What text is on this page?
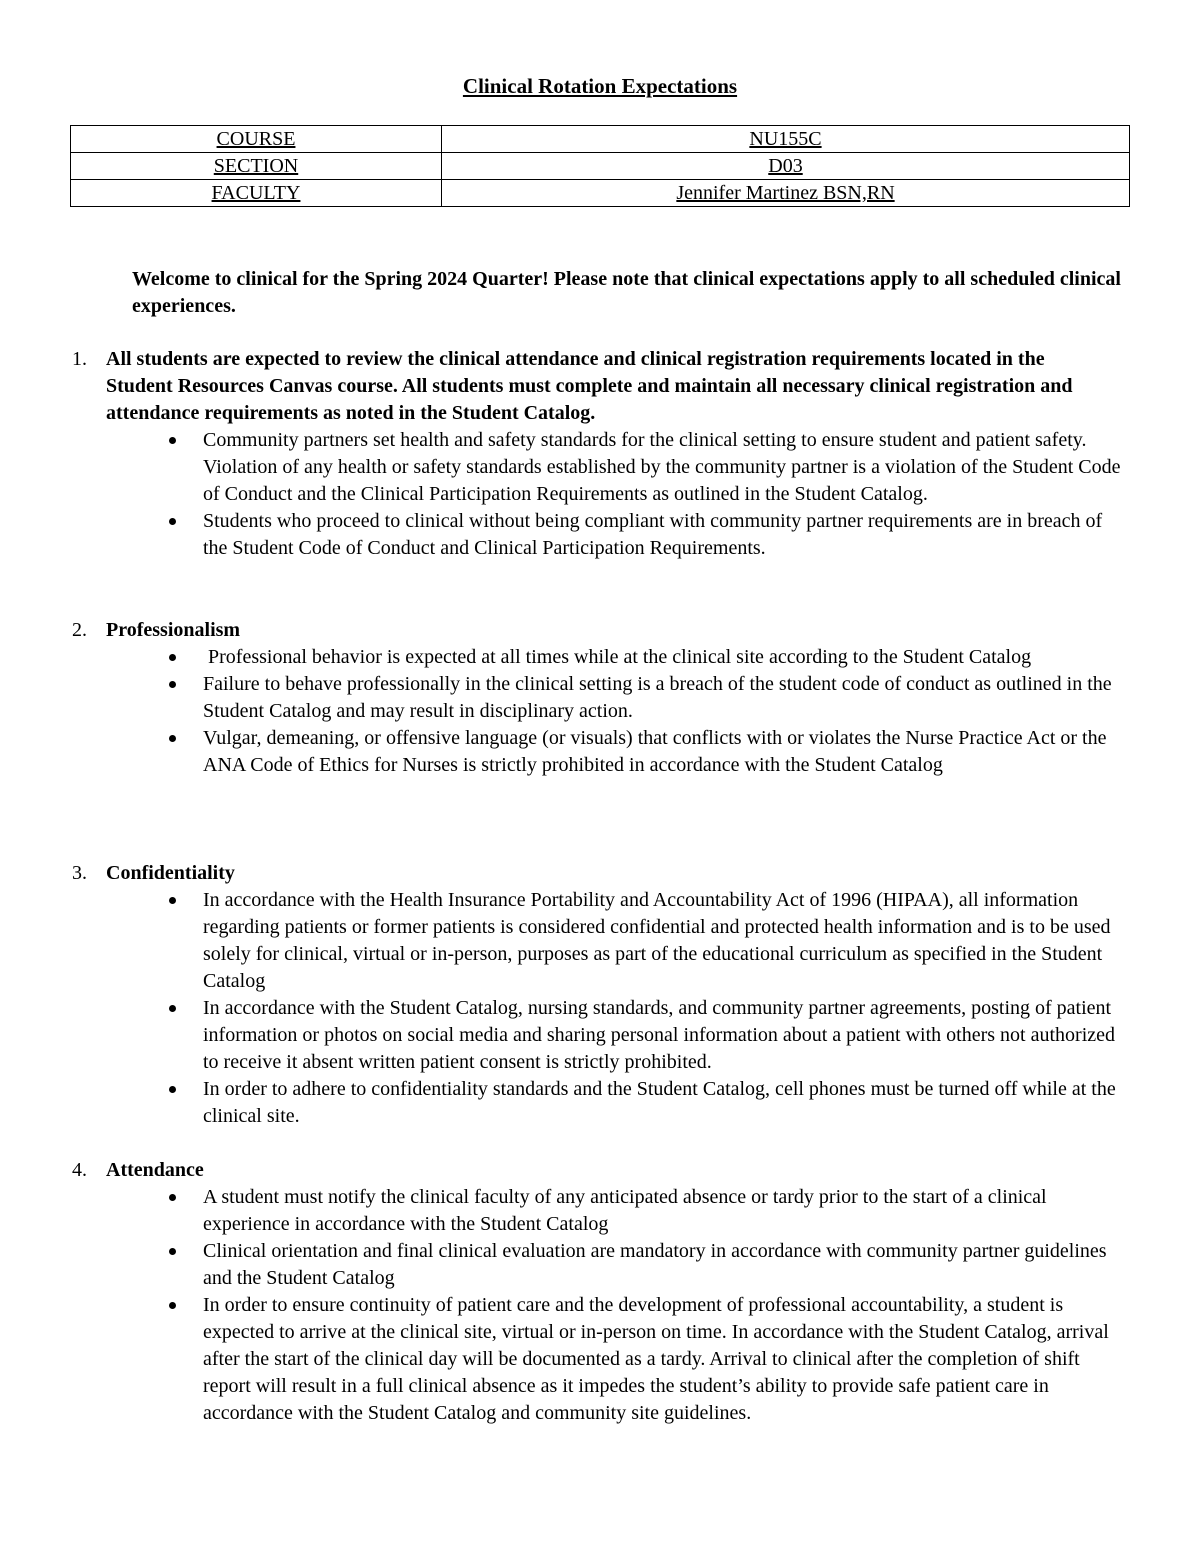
Clinical Rotation Expectations
COURSE	NU155C
SECTION	D03
FACULTY	Jennifer Martinez BSN,RN

Welcome to clinical for the Spring 2024 Quarter! Please note that clinical expectations apply to all scheduled clinical experiences.

1. All students are expected to review the clinical attendance and clinical registration requirements located in the Student Resources Canvas course. All students must complete and maintain all necessary clinical registration and attendance requirements as noted in the Student Catalog.

Community partners set health and safety standards for the clinical setting to ensure student and patient safety. Violation of any health or safety standards established by the community partner is a violation of the Student Code of Conduct and the Clinical Participation Requirements as outlined in the Student Catalog.
Students who proceed to clinical without being compliant with community partner requirements are in breach of the Student Code of Conduct and Clinical Participation Requirements.
2. Professionalism

Professional behavior is expected at all times while at the clinical site according to the Student Catalog
Failure to behave professionally in the clinical setting is a breach of the student code of conduct as outlined in the Student Catalog and may result in disciplinary action.
Vulgar, demeaning, or offensive language (or visuals) that conflicts with or violates the Nurse Practice Act or the ANA Code of Ethics for Nurses is strictly prohibited in accordance with the Student Catalog
3. Confidentiality

In accordance with the Health Insurance Portability and Accountability Act of 1996 (HIPAA), all information regarding patients or former patients is considered confidential and protected health information and is to be used solely for clinical, virtual or in-person, purposes as part of the educational curriculum as specified in the Student Catalog
In accordance with the Student Catalog, nursing standards, and community partner agreements, posting of patient information or photos on social media and sharing personal information about a patient with others not authorized to receive it absent written patient consent is strictly prohibited.
In order to adhere to confidentiality standards and the Student Catalog, cell phones must be turned off while at the clinical site.
4. Attendance

A student must notify the clinical faculty of any anticipated absence or tardy prior to the start of a clinical experience in accordance with the Student Catalog
Clinical orientation and final clinical evaluation are mandatory in accordance with community partner guidelines and the Student Catalog
In order to ensure continuity of patient care and the development of professional accountability, a student is expected to arrive at the clinical site, virtual or in-person on time. In accordance with the Student Catalog, arrival after the start of the clinical day will be documented as a tardy. Arrival to clinical after the completion of shift report will result in a full clinical absence as it impedes the student’s ability to provide safe patient care in accordance with the Student Catalog and community site guidelines.
